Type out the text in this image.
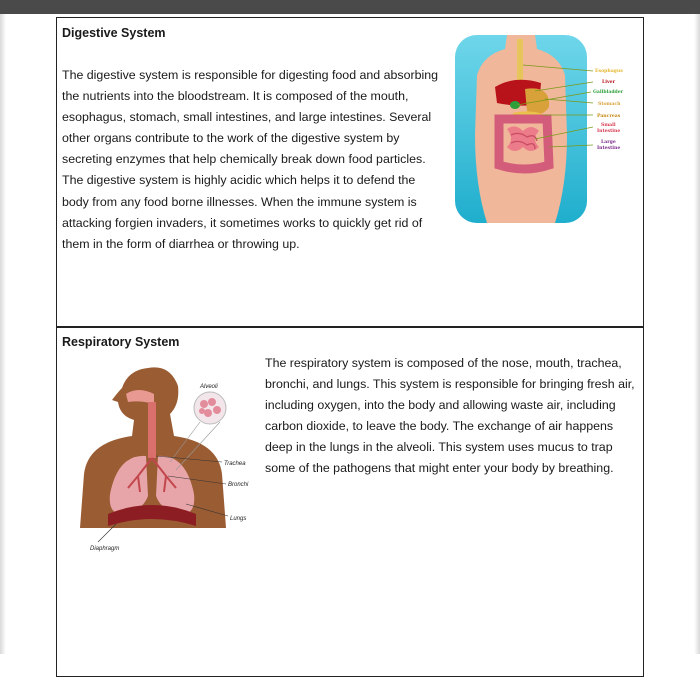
Digestive System
The digestive system is responsible for digesting food and absorbing the nutrients into the bloodstream. It is composed of the mouth, esophagus, stomach, small intestines, and large intestines. Several other organs contribute to the work of the digestive system by secreting enzymes that help chemically break down food particles. The digestive system is highly acidic which helps it to defend the body from any food borne illnesses. When the immune system is attacking forgien invaders, it sometimes works to quickly get rid of them in the form of diarrhea or throwing up.
Esophagus
Liver
Gallbladder
Stomach
Pancreas
Small
Intestine
Large
Intestine
Respiratory System
The respiratory system is composed of the nose, mouth, trachea, bronchi, and lungs. This system is responsible for bringing fresh air, including oxygen, into the body and allowing waste air, including carbon dioxide, to leave the body. The exchange of air happens deep in the lungs in the alveoli. This system uses mucus to trap some of the pathogens that might enter your body by breathing.
Alveoli
Trachea
Bronchi
Lungs
Diaphragm
